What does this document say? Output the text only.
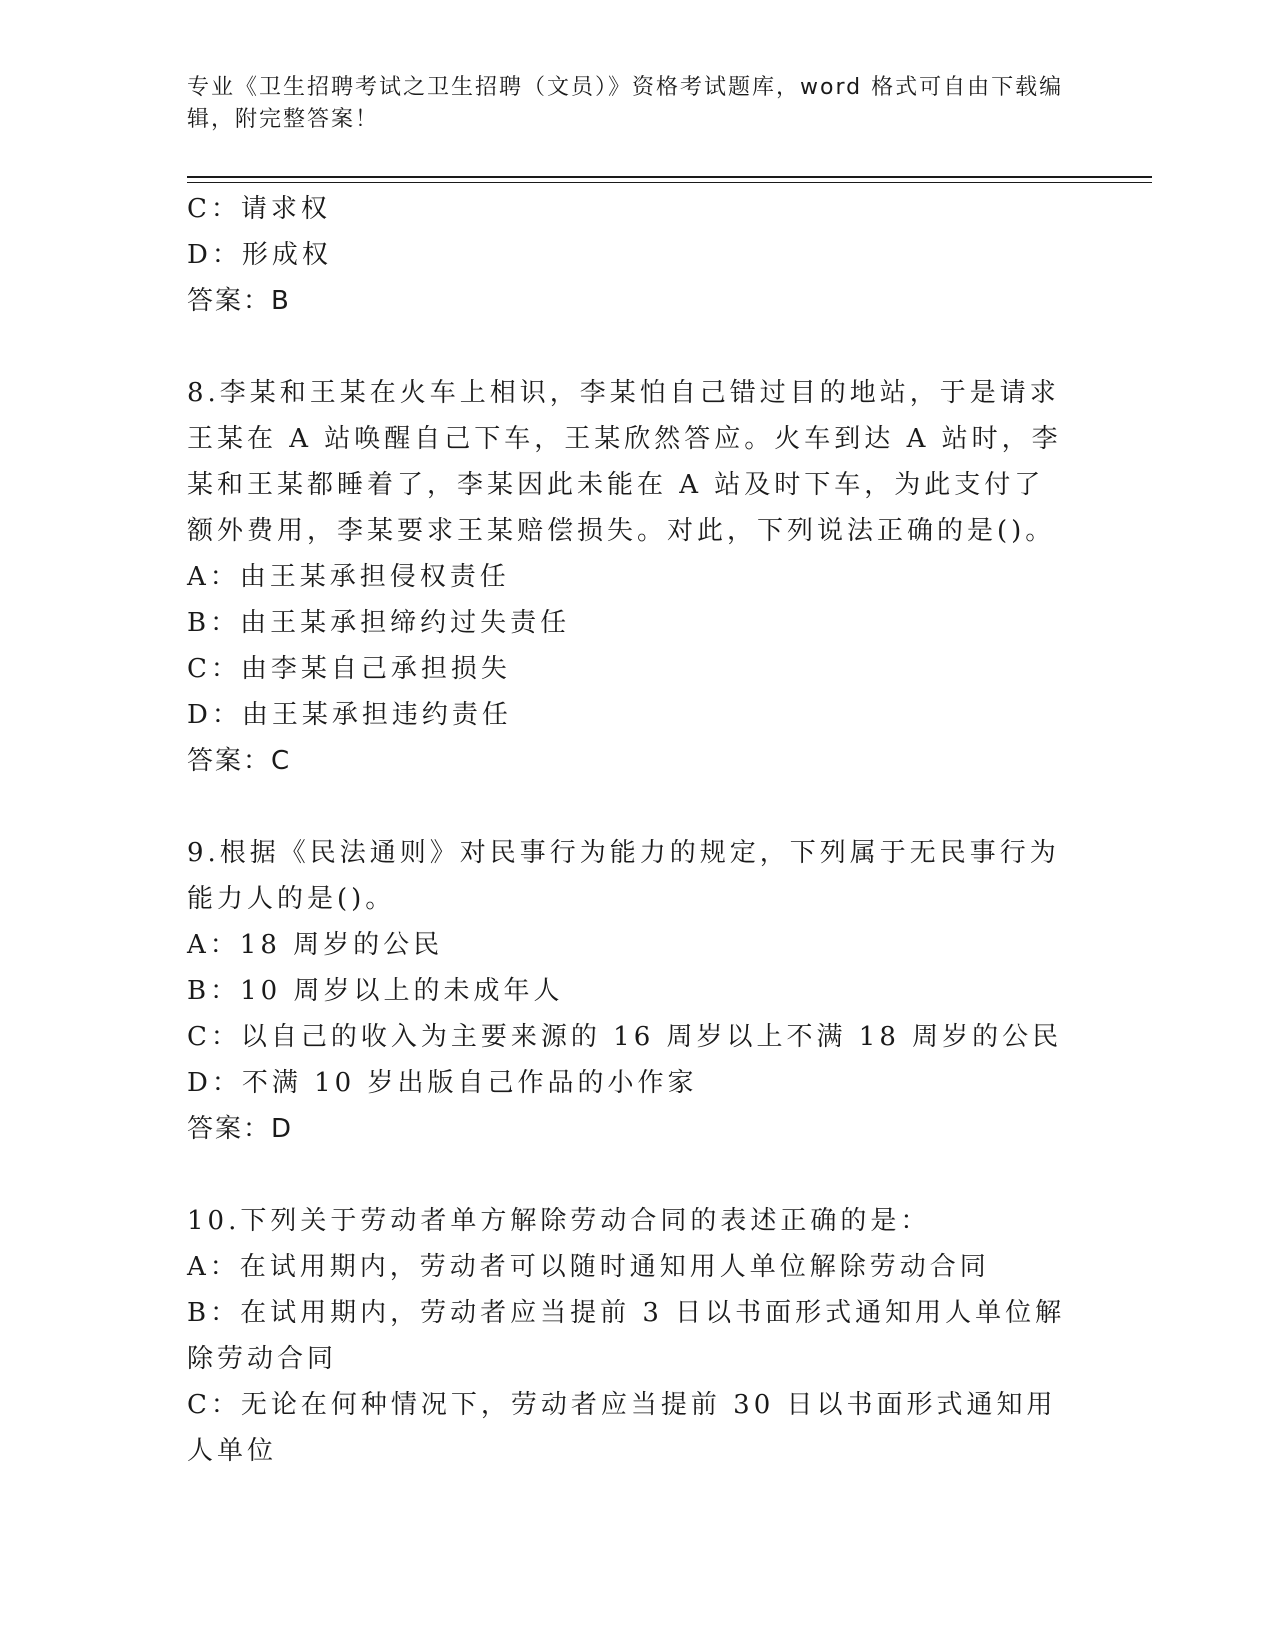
专业《卫生招聘考试之卫生招聘（文员）》资格考试题库，word 格式可自由下载编辑，附完整答案！
C：请求权
D：形成权
答案：B
8.李某和王某在火车上相识，李某怕自己错过目的地站，于是请求王某在 A 站唤醒自己下车，王某欣然答应。火车到达 A 站时，李某和王某都睡着了，李某因此未能在 A 站及时下车，为此支付了额外费用，李某要求王某赔偿损失。对此，下列说法正确的是()。
A：由王某承担侵权责任
B：由王某承担缔约过失责任
C：由李某自己承担损失
D：由王某承担违约责任
答案：C
9.根据《民法通则》对民事行为能力的规定，下列属于无民事行为能力人的是()。
A：18 周岁的公民
B：10 周岁以上的未成年人
C：以自己的收入为主要来源的 16 周岁以上不满 18 周岁的公民
D：不满 10 岁出版自己作品的小作家
答案：D
10.下列关于劳动者单方解除劳动合同的表述正确的是：
A：在试用期内，劳动者可以随时通知用人单位解除劳动合同
B：在试用期内，劳动者应当提前 3 日以书面形式通知用人单位解除劳动合同
C：无论在何种情况下，劳动者应当提前 30 日以书面形式通知用人单位
